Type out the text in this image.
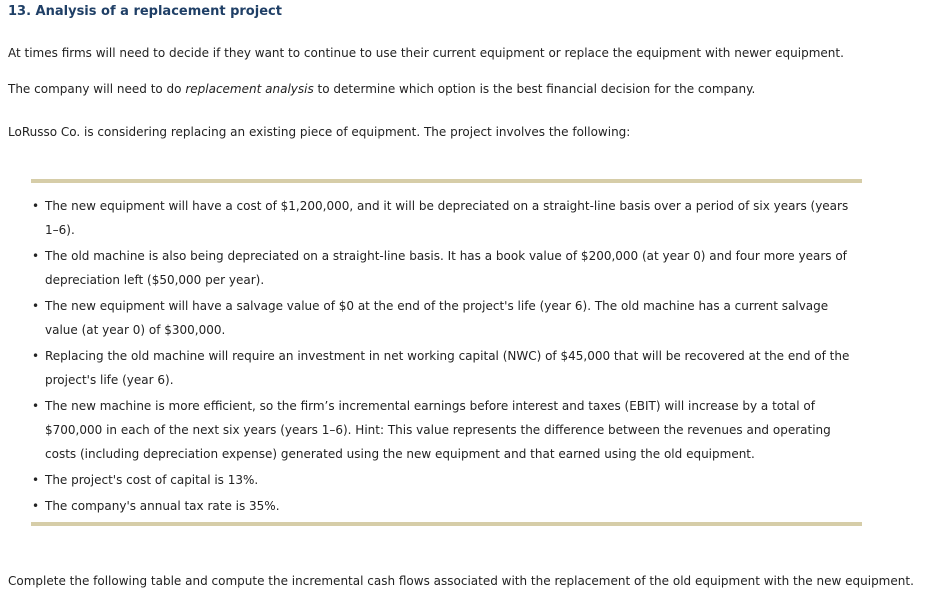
13. Analysis of a replacement project

At times firms will need to decide if they want to continue to use their current equipment or replace the equipment with newer equipment.

The company will need to do replacement analysis to determine which option is the best financial decision for the company.

LoRusso Co. is considering replacing an existing piece of equipment. The project involves the following:

• The new equipment will have a cost of $1,200,000, and it will be depreciated on a straight-line basis over a period of six years (years 1–6).
• The old machine is also being depreciated on a straight-line basis. It has a book value of $200,000 (at year 0) and four more years of depreciation left ($50,000 per year).
• The new equipment will have a salvage value of $0 at the end of the project's life (year 6). The old machine has a current salvage value (at year 0) of $300,000.
• Replacing the old machine will require an investment in net working capital (NWC) of $45,000 that will be recovered at the end of the project's life (year 6).
• The new machine is more efficient, so the firm’s incremental earnings before interest and taxes (EBIT) will increase by a total of $700,000 in each of the next six years (years 1–6). Hint: This value represents the difference between the revenues and operating costs (including depreciation expense) generated using the new equipment and that earned using the old equipment.
• The project's cost of capital is 13%.
• The company's annual tax rate is 35%.

Complete the following table and compute the incremental cash flows associated with the replacement of the old equipment with the new equipment.
